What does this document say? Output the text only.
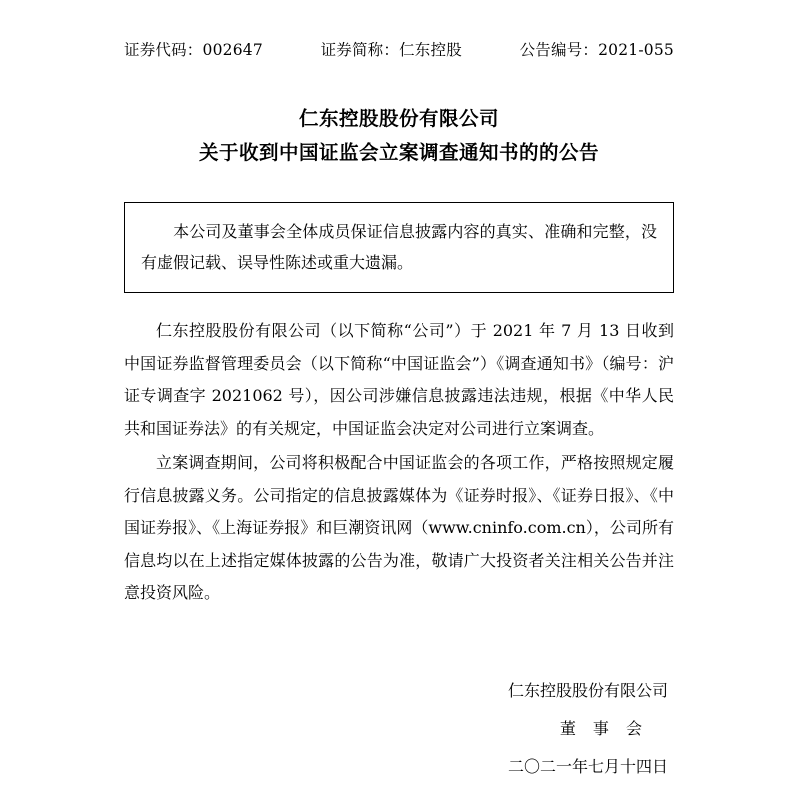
证券代码：002647	证券简称：仁东控股	公告编号：2021-055
仁东控股股份有限公司
关于收到中国证监会立案调查通知书的的公告
本公司及董事会全体成员保证信息披露内容的真实、准确和完整，没有虚假记载、误导性陈述或重大遗漏。

仁东控股股份有限公司（以下简称“公司”）于 2021 年 7 月 13 日收到中国证券监督管理委员会（以下简称“中国证监会”）《调查通知书》（编号：沪证专调查字 2021062 号），因公司涉嫌信息披露违法违规，根据《中华人民共和国证券法》的有关规定，中国证监会决定对公司进行立案调查。

立案调查期间，公司将积极配合中国证监会的各项工作，严格按照规定履行信息披露义务。公司指定的信息披露媒体为《证券时报》、《证券日报》、《中国证券报》、《上海证券报》和巨潮资讯网（www.cninfo.com.cn），公司所有信息均以在上述指定媒体披露的公告为准，敬请广大投资者关注相关公告并注意投资风险。

仁东控股股份有限公司
董 事 会
二〇二一年七月十四日
